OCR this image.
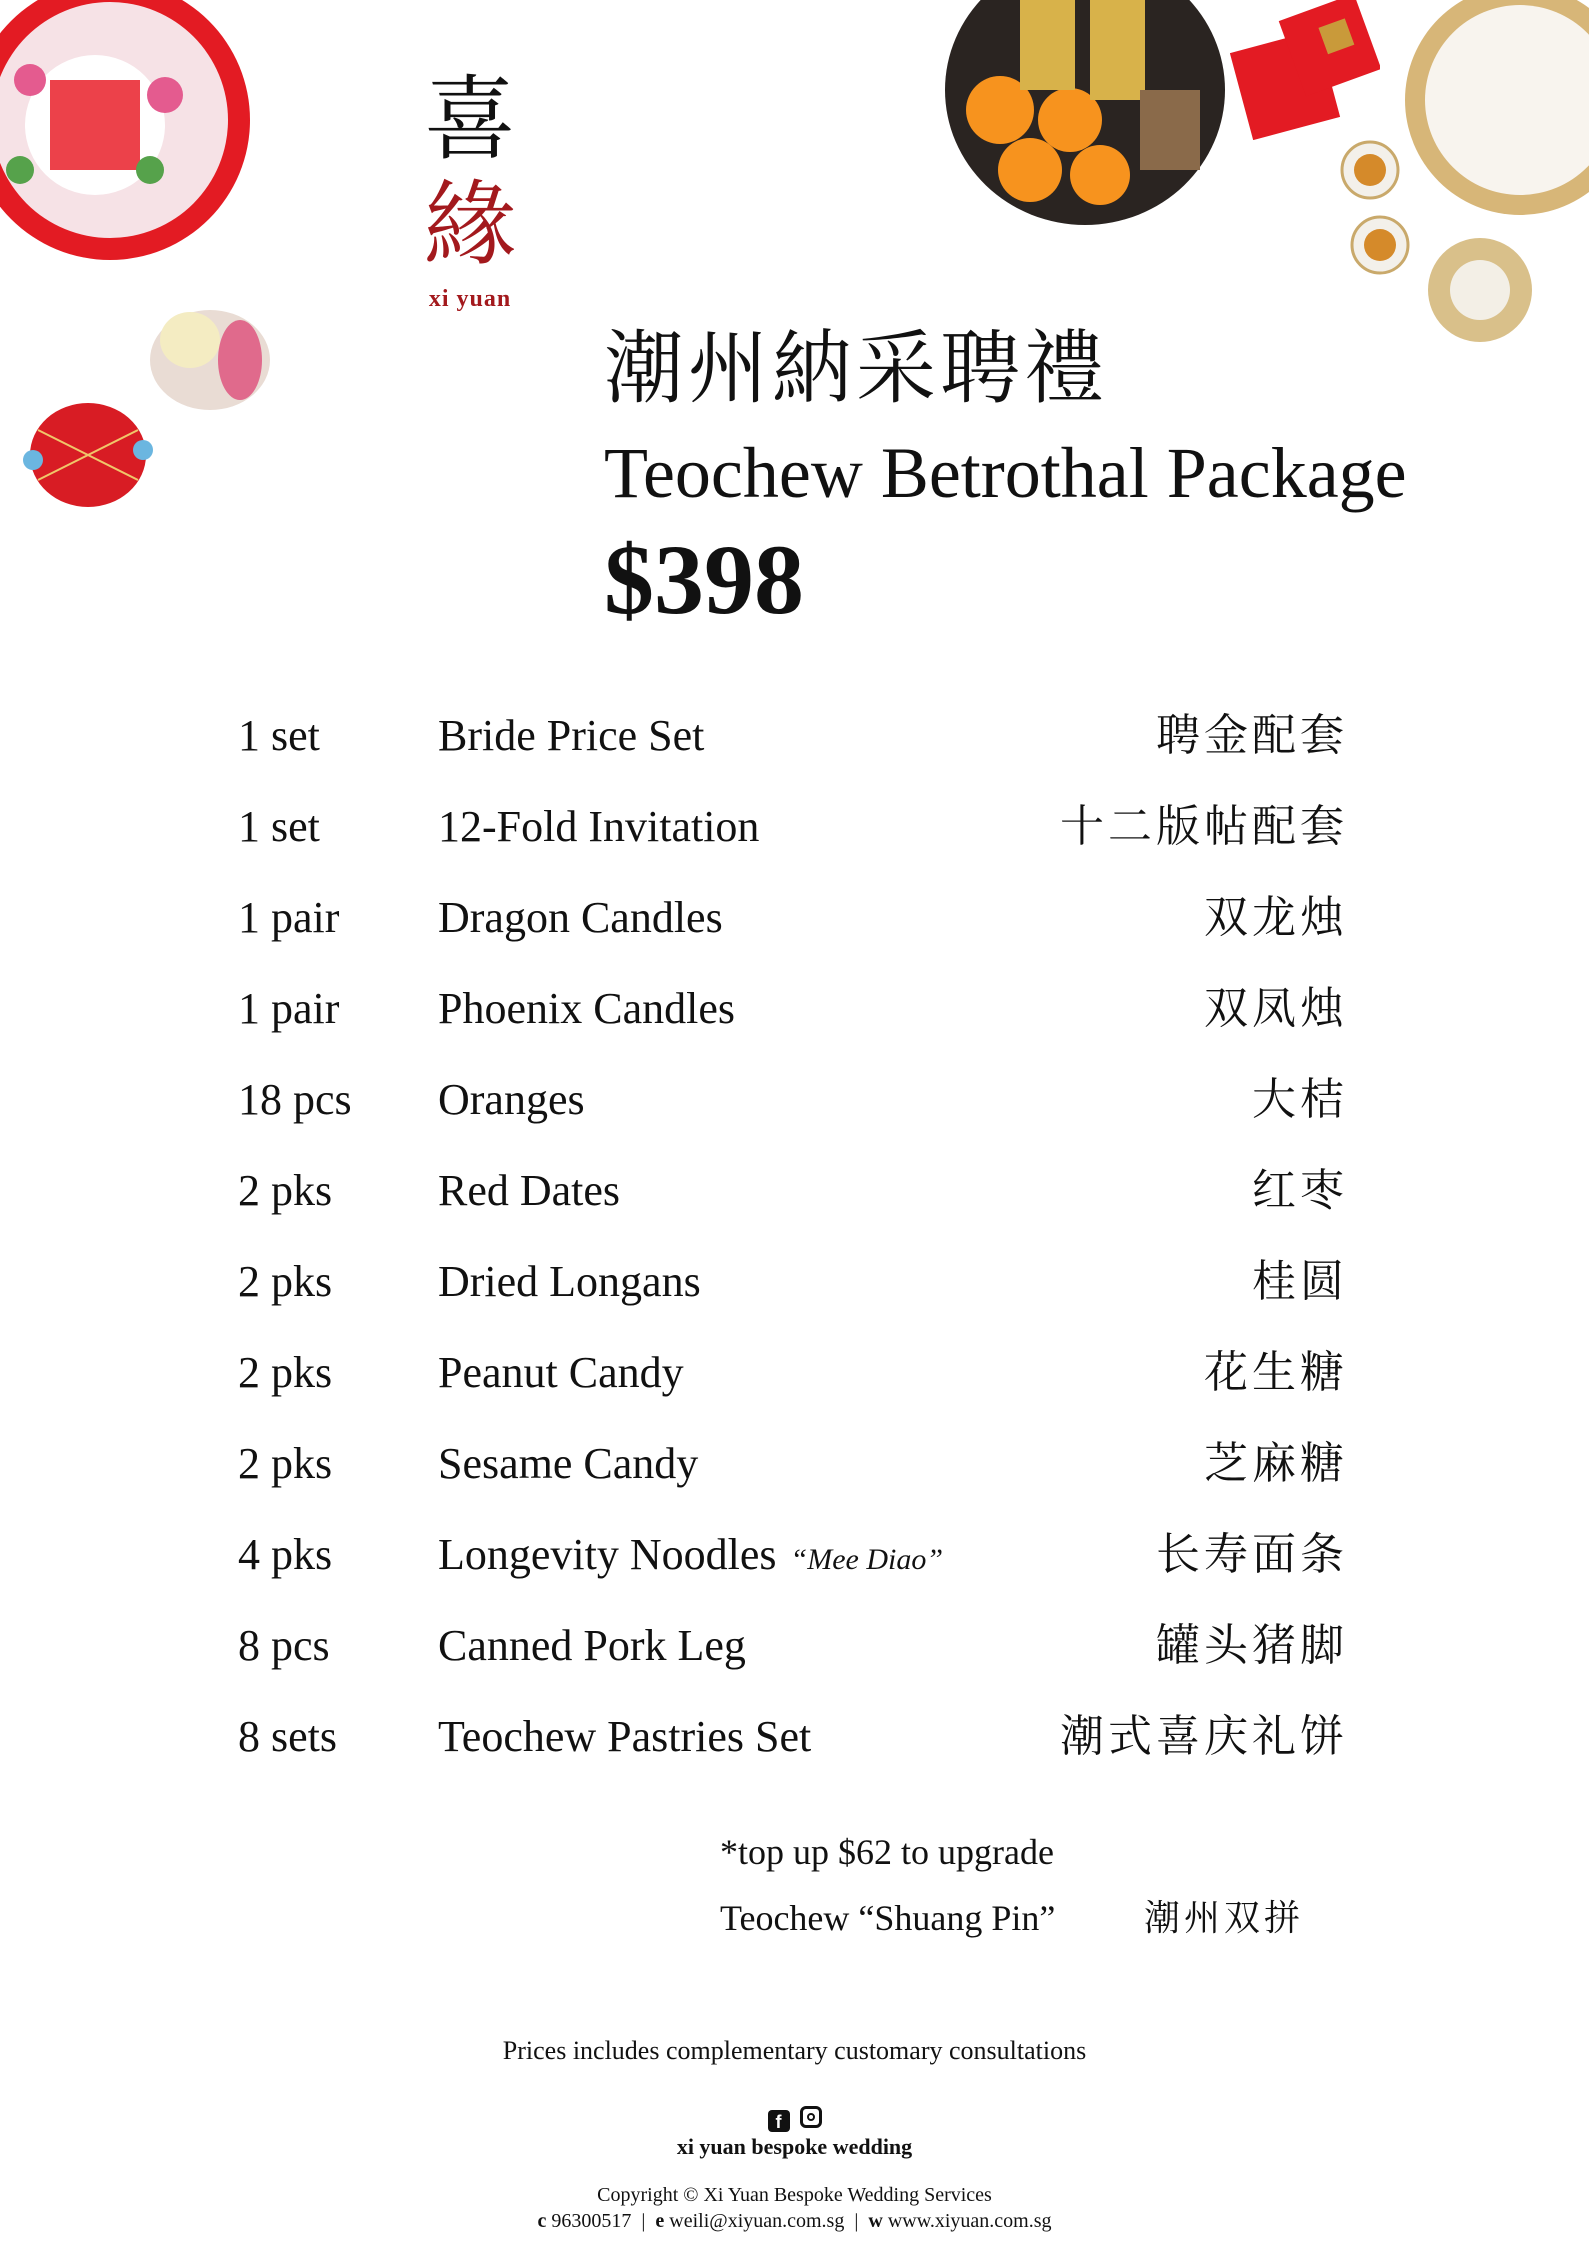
喜
緣
xi yuan
潮州納采聘禮
Teochew Betrothal Package
$398
1 set	Bride Price Set	聘金配套
1 set	12-Fold Invitation	十二版帖配套
1 pair Dragon Candles	双龙烛
1 pair Phoenix Candles	双凤烛
18 pcs Oranges	大桔
2 pks Red Dates	红枣
2 pks Dried Longans	桂圆
2 pks Peanut Candy	花生糖
2 pks Sesame Candy	芝麻糖
4 pks Longevity Noodles “Mee Diao”	长寿面条
8 pcs Canned Pork Leg	罐头猪脚
8 sets Teochew Pastries Set	潮式喜庆礼饼
*top up $62 to upgrade
Teochew “Shuang Pin” 潮州双拼
Prices includes complementary customary consultations
f
xi yuan bespoke wedding
Copyright © Xi Yuan Bespoke Wedding Services
c 96300517  |  e weili@xiyuan.com.sg  |  w www.xiyuan.com.sg
